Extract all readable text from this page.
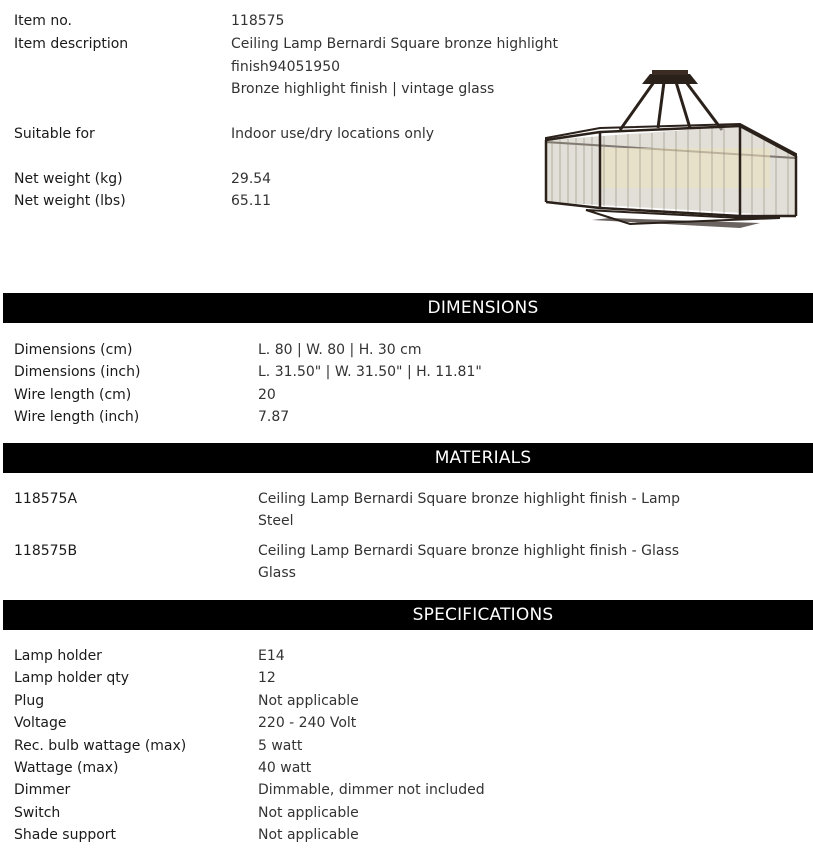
Item no.	118575
Item description	Ceiling Lamp Bernardi Square bronze highlight
finish94051950
Bronze highlight finish | vintage glass
Suitable for	Indoor use/dry locations only
Net weight (kg)	29.54
Net weight (lbs)	65.11
DIMENSIONS
Dimensions (cm)	L. 80 | W. 80 | H. 30 cm
Dimensions (inch)	L. 31.50" | W. 31.50" | H. 11.81"
Wire length (cm)	20
Wire length (inch)	7.87
MATERIALS
118575A	Ceiling Lamp Bernardi Square bronze highlight finish - Lamp
Steel
118575B	Ceiling Lamp Bernardi Square bronze highlight finish - Glass
Glass
SPECIFICATIONS
Lamp holder	E14
Lamp holder qty	12
Plug	Not applicable
Voltage	220 - 240 Volt
Rec. bulb wattage (max)	5 watt
Wattage (max)	40 watt
Dimmer	Dimmable, dimmer not included
Switch	Not applicable
Shade support	Not applicable
